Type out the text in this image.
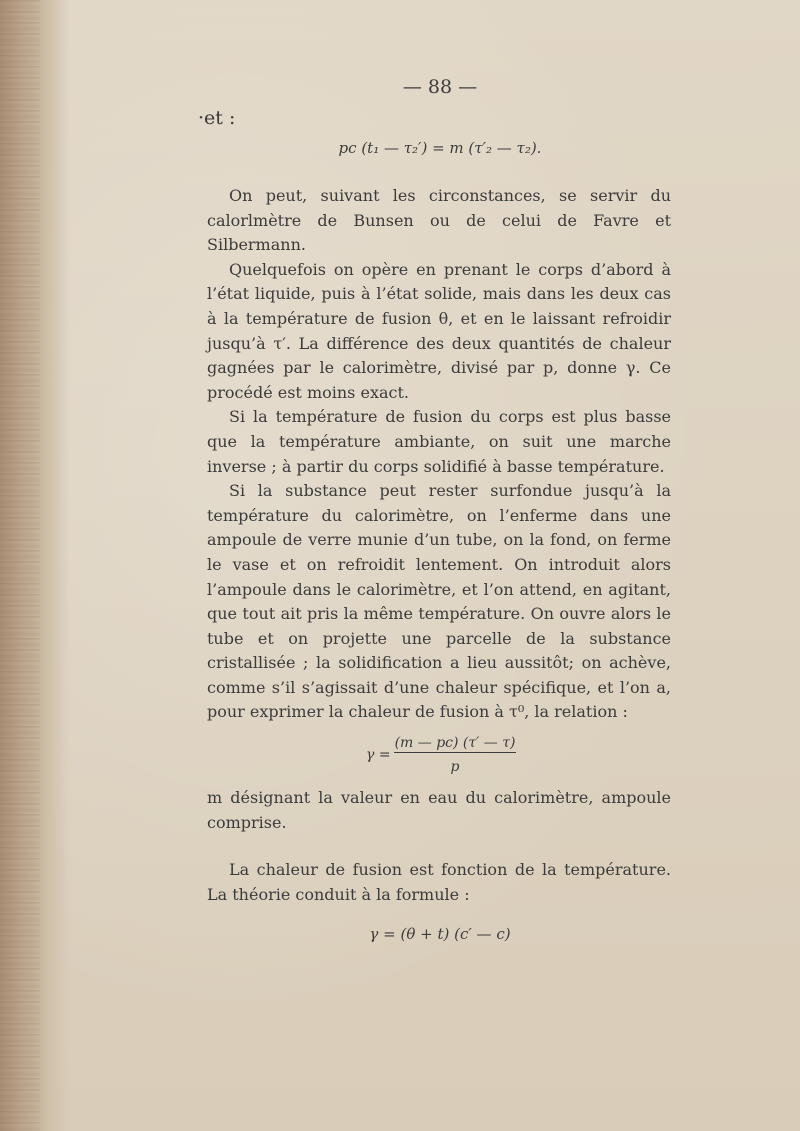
— 88 —
·et :
pc (t₁ — τ₂′) = m (τ′₂ — τ₂).

On peut, suivant les circonstances, se servir du calorlmètre de Bunsen ou de celui de Favre et Silbermann.

Quelquefois on opère en prenant le corps d’abord à l’état liquide, puis à l’état solide, mais dans les deux cas à la température de fusion θ, et en le laissant refroidir jusqu’à τ′. La différence des deux quantités de chaleur gagnées par le calorimètre, divisé par p, donne γ. Ce procédé est moins exact.

Si la température de fusion du corps est plus basse que la température ambiante, on suit une marche inverse ; à partir du corps solidifié à basse température.

Si la substance peut rester surfondue jusqu’à la température du calorimètre, on l’enferme dans une ampoule de verre munie d’un tube, on la fond, on ferme le vase et on refroidit lentement. On introduit alors l’ampoule dans le calorimètre, et l’on attend, en agitant, que tout ait pris la même température. On ouvre alors le tube et on projette une parcelle de la substance cristallisée ; la solidification a lieu aussitôt; on achève, comme s’il s’agissait d’une chaleur spécifique, et l’on a, pour exprimer la chaleur de fusion à τ⁰, la relation :

γ =
(m — pc) (τ′ — τ)
p

m désignant la valeur en eau du calorimètre, ampoule comprise.

La chaleur de fusion est fonction de la température. La théorie conduit à la formule :

γ = (θ + t) (c′ — c)
